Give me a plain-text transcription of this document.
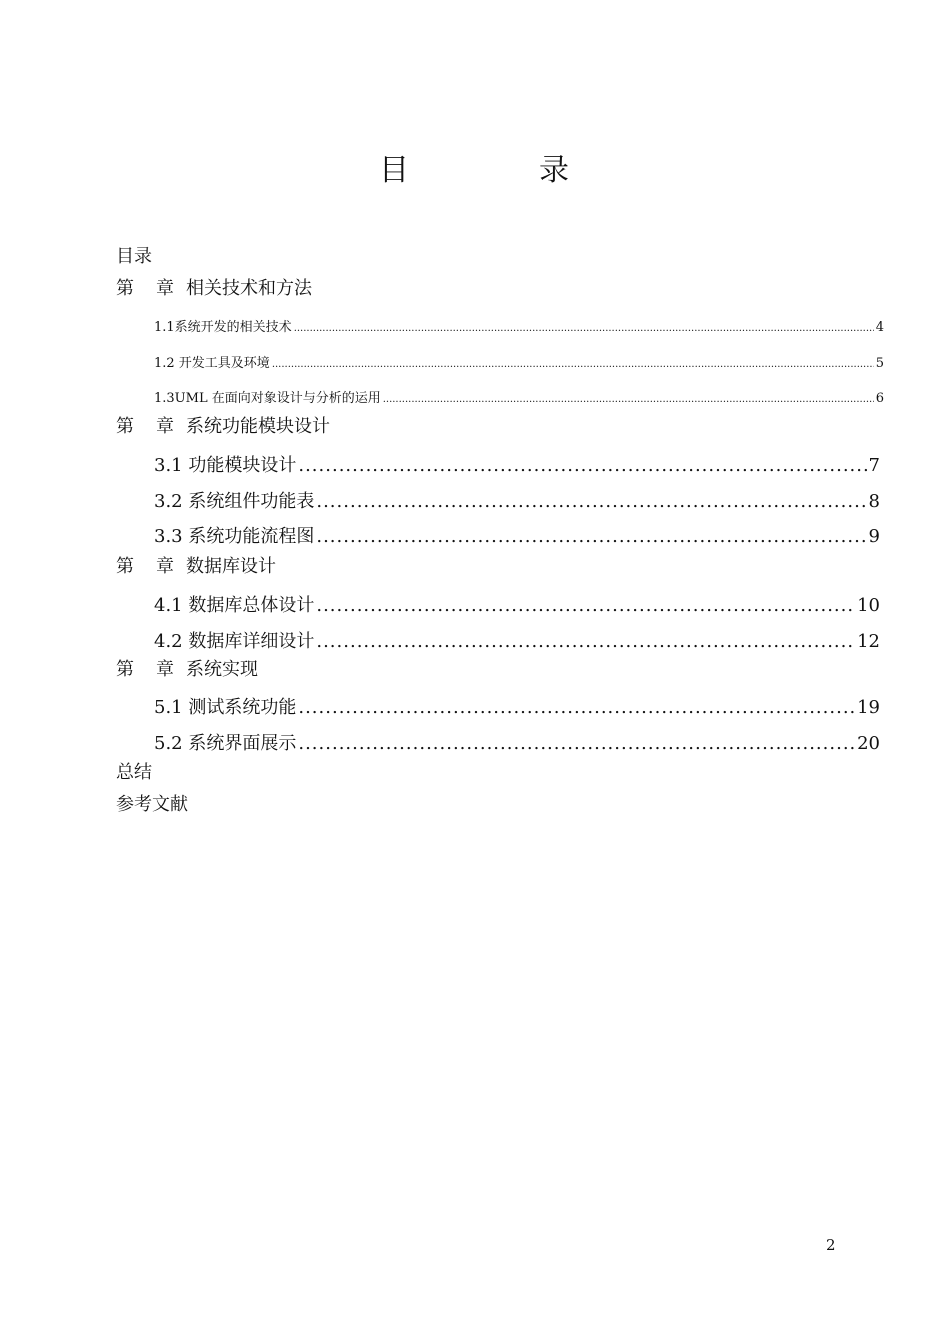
目　录
目录
第 章 相关技术和方法
1.1系统开发的相关技术 .....	4
1.2 开发工具及环境 .....	5
1.3UML 在面向对象设计与分析的运用 .....	6
第 章 系统功能模块设计
3.1 功能模块设计 .....	7
3.2 系统组件功能表 .....	8
3.3 系统功能流程图 .....	9
第 章 数据库设计
4.1 数据库总体设计 .....	10
4.2 数据库详细设计 .....	12
第 章 系统实现
5.1 测试系统功能 .....	19
5.2 系统界面展示 .....	20
总结
参考文献
2
